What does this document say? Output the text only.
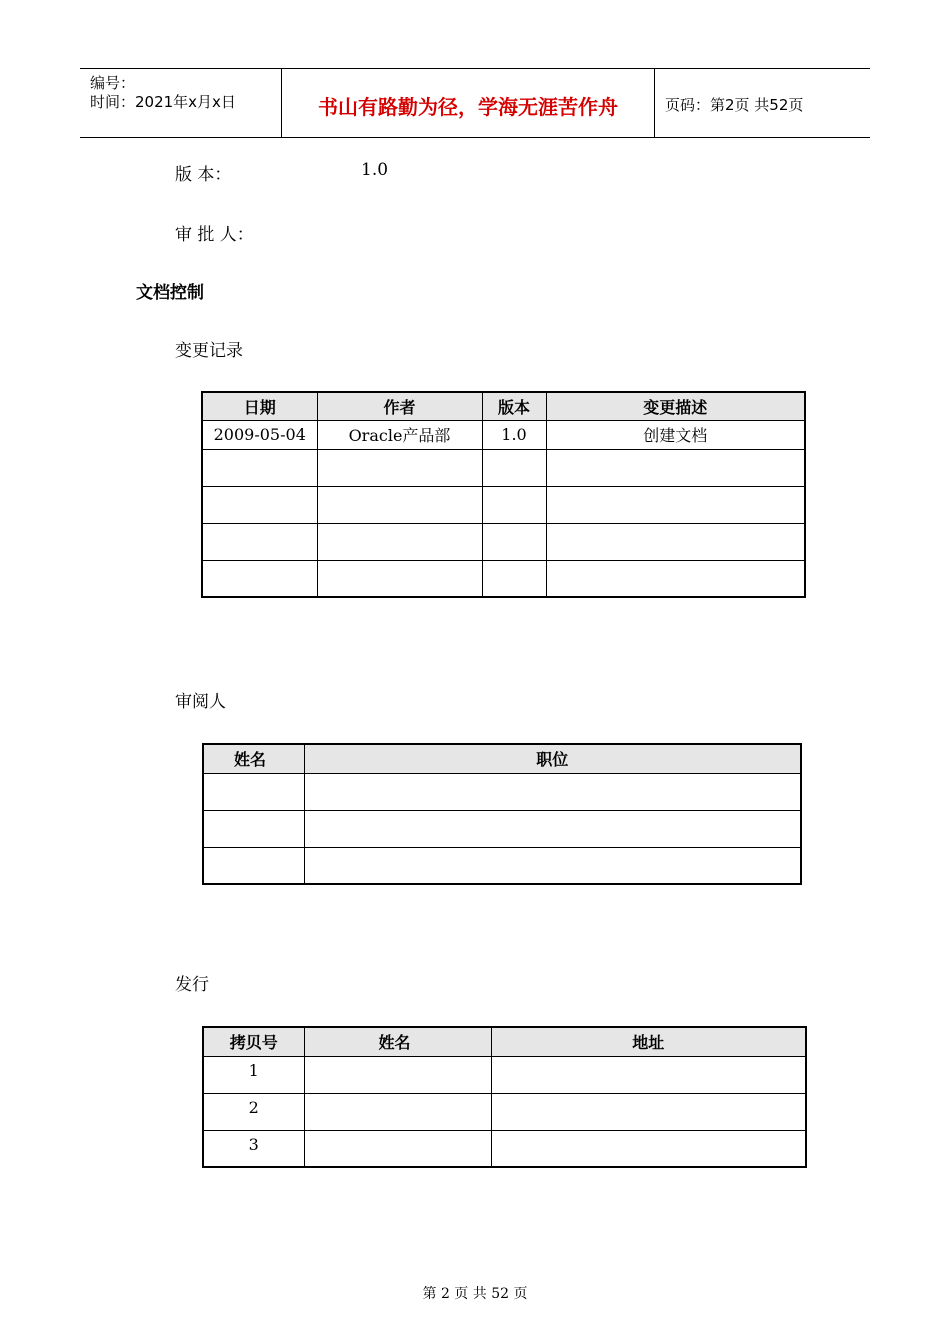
编号：
时间：2021年x月x日	书山有路勤为径，学海无涯苦作舟	页码：第2页 共52页
版 本：	1.0
审 批 人：
文档控制
变更记录
日期	作者	版本	变更描述
2009-05-04	Oracle产品部	1.0	创建文档

审阅人
姓名	职位

发行
拷贝号	姓名	地址
1		
2		
3		
第 2 页 共 52 页
